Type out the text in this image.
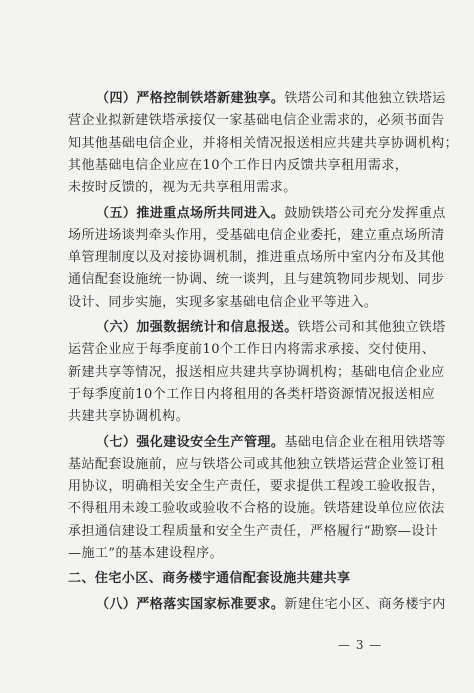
（四）严格控制铁塔新建独享。铁塔公司和其他独立铁塔运
营企业拟新建铁塔承接仅一家基础电信企业需求的，必须书面告
知其他基础电信企业，并将相关情况报送相应共建共享协调机构；
其他基础电信企业应在10个工作日内反馈共享租用需求，
未按时反馈的，视为无共享租用需求。
（五）推进重点场所共同进入。鼓励铁塔公司充分发挥重点
场所进场谈判牵头作用，受基础电信企业委托，建立重点场所清
单管理制度以及对接协调机制，推进重点场所中室内分布及其他
通信配套设施统一协调、统一谈判，且与建筑物同步规划、同步
设计、同步实施，实现多家基础电信企业平等进入。
（六）加强数据统计和信息报送。铁塔公司和其他独立铁塔
运营企业应于每季度前10个工作日内将需求承接、交付使用、
新建共享等情况，报送相应共建共享协调机构；基础电信企业应
于每季度前10个工作日内将租用的各类杆塔资源情况报送相应
共建共享协调机构。
（七）强化建设安全生产管理。基础电信企业在租用铁塔等
基站配套设施前，应与铁塔公司或其他独立铁塔运营企业签订租
用协议，明确相关安全生产责任，要求提供工程竣工验收报告，
不得租用未竣工验收或验收不合格的设施。铁塔建设单位应依法
承担通信建设工程质量和安全生产责任，严格履行“勘察—设计
—施工”的基本建设程序。
二、住宅小区、商务楼宇通信配套设施共建共享
（八）严格落实国家标准要求。新建住宅小区、商务楼宇内
— 3 —
